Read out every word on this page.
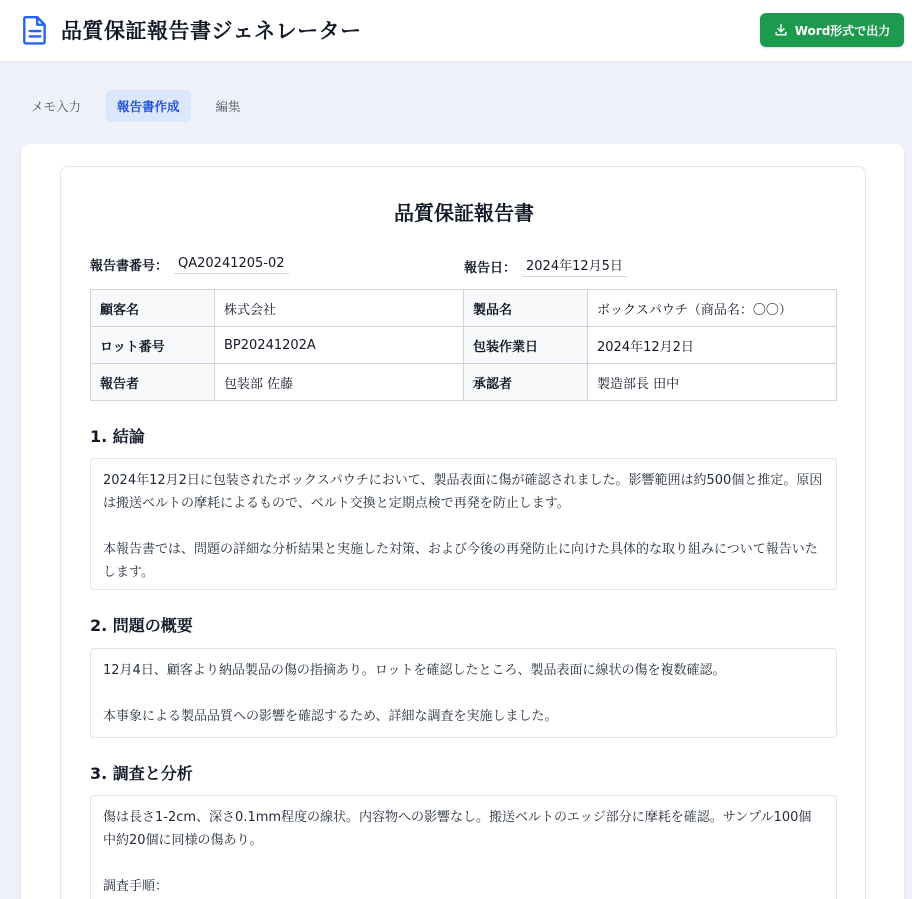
品質保証報告書ジェネレーター	Word形式で出力
メモ入力	報告書作成	編集
品質保証報告書
報告書番号： QA20241205-02	報告日： 2024年12月5日
顧客名	株式会社	製品名	ボックスパウチ（商品名：〇〇）
ロット番号	BP20241202A	包装作業日	2024年12月2日
報告者	包装部 佐藤	承認者	製造部長 田中
1. 結論

2024年12月2日に包装されたボックスパウチにおいて、製品表面に傷が確認されました。影響範囲は約500個と推定。原因は搬送ベルトの摩耗によるもので、ベルト交換と定期点検で再発を防止します。

本報告書では、問題の詳細な分析結果と実施した対策、および今後の再発防止に向けた具体的な取り組みについて報告いたします。

2. 問題の概要

12月4日、顧客より納品製品の傷の指摘あり。ロットを確認したところ、製品表面に線状の傷を複数確認。

本事象による製品品質への影響を確認するため、詳細な調査を実施しました。

3. 調査と分析

傷は長さ1-2cm、深さ0.1mm程度の線状。内容物への影響なし。搬送ベルトのエッジ部分に摩耗を確認。サンプル100個中約20個に同様の傷あり。

調査手順：
